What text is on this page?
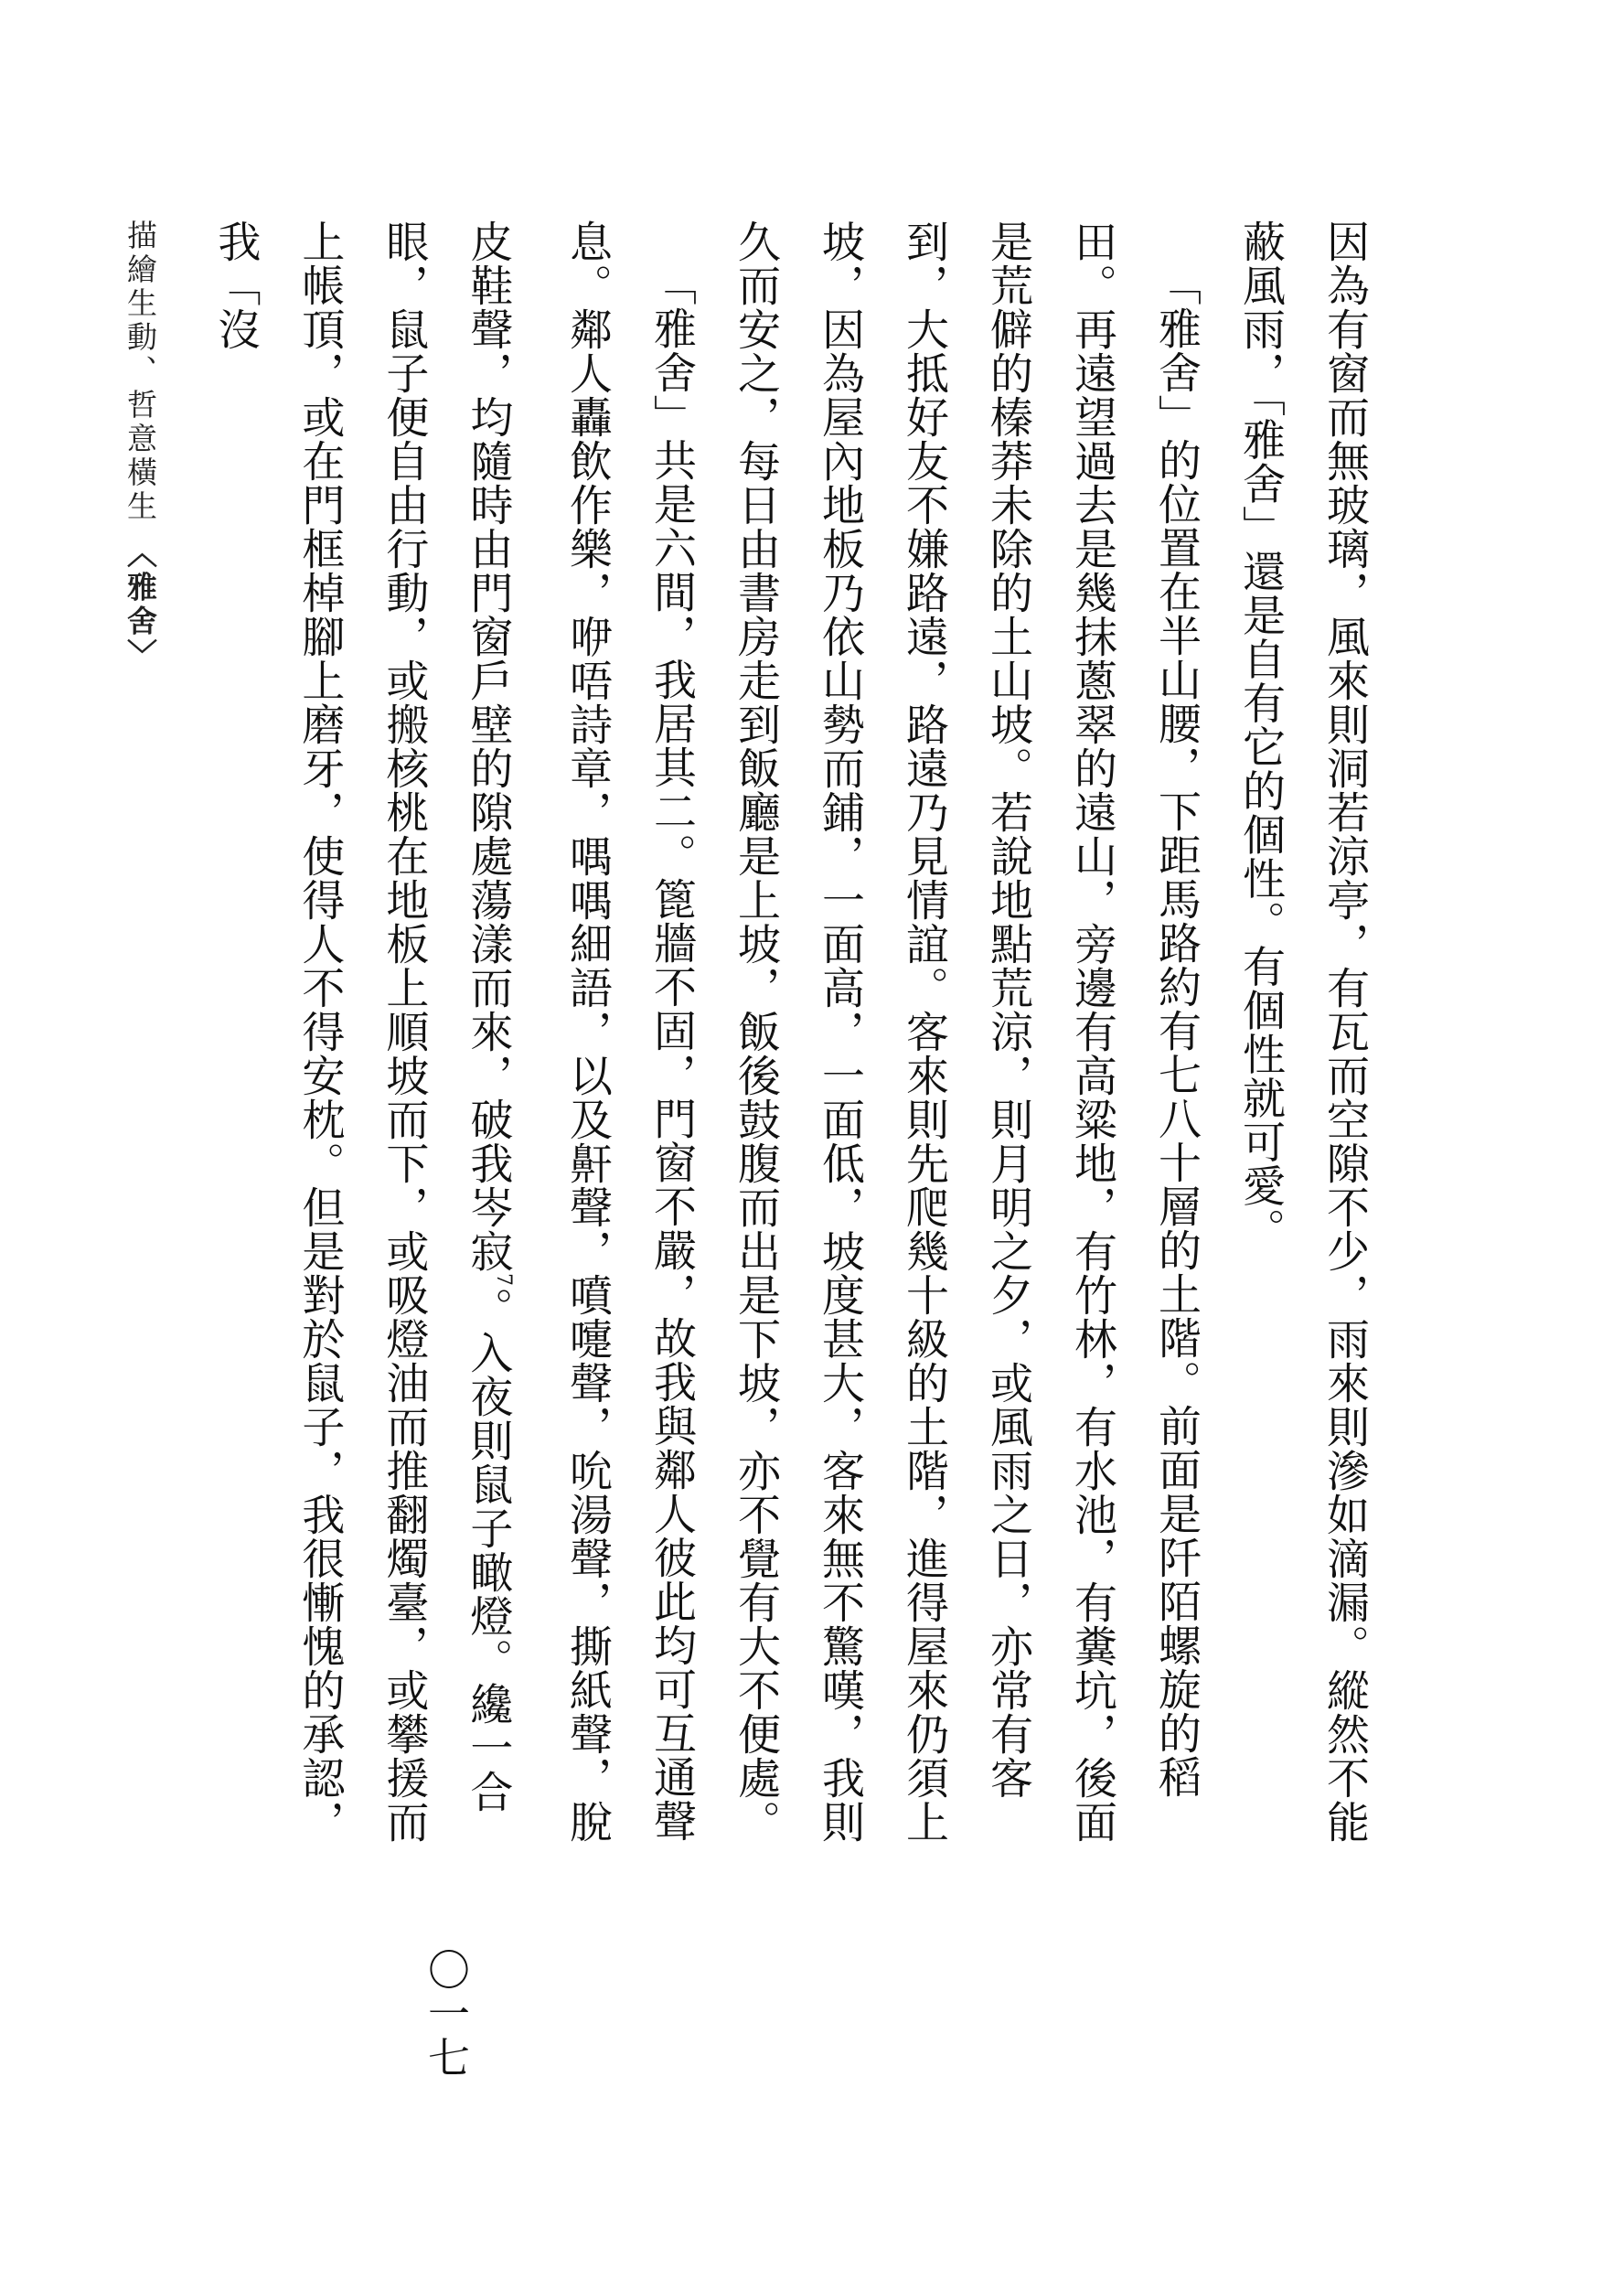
因為有窗而無玻璃，風來則洞若涼亭，有瓦而空隙不少，雨來則滲如滴漏。縱然不能蔽風雨，「雅舍」還是自有它的個性。有個性就可愛。

「雅舍」的位置在半山腰，下距馬路約有七八十層的土階。前面是阡陌螺旋的稻田。再遠望過去是幾抹蔥翠的遠山，旁邊有高粱地，有竹林，有水池，有糞坑，後面是荒僻的榛莽未除的土山坡。若說地點荒涼，則月明之夕，或風雨之日，亦常有客到，大抵好友不嫌路遠，路遠乃見情誼。客來則先爬幾十級的土階，進得屋來仍須上坡，因為屋內地板乃依山勢而鋪，一面高，一面低，坡度甚大，客來無不驚嘆，我則久而安之，每日由書房走到飯廳是上坡，飯後鼓腹而出是下坡，亦不覺有大不便處。

「雅舍」共是六間，我居其二。篦牆不固，門窗不嚴，故我與鄰人彼此均可互通聲息。鄰人轟飲作樂，咿唔詩章，喁喁細語，以及鼾聲，噴嚏聲，吮湯聲，撕紙聲，脫皮鞋聲，均隨時由門窗戶壁的隙處蕩漾而來，破我岑寂$^7$。入夜則鼠子瞰燈。纔一合眼，鼠子便自由行動，或搬核桃在地板上順坡而下，或吸燈油而推翻燭臺，或攀援而上帳頂，或在門框棹腳上磨牙，使得人不得安枕。但是對於鼠子，我很慚愧的承認，我「沒

描繪生動、哲意橫生 〈雅舍〉
〇一七
